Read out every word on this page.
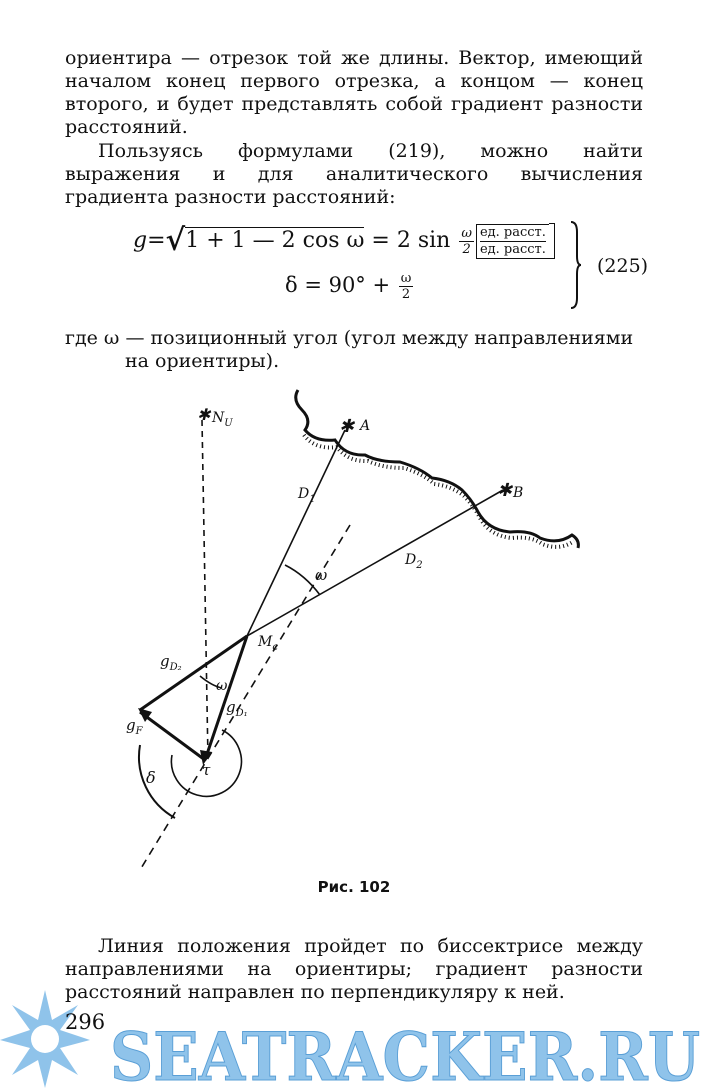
ориентира — отрезок той же длины. Вектор, имеющий началом конец первого отрезка, а концом — конец второго, и будет представлять собой градиент разности расстояний.

Пользуясь формулами (219), можно найти выражения и для аналитического вычисления градиента разности расстояний:

g=√1 + 1 — 2 cos ω = 2 $\sin \frac{\omega}{2}$ ед. расст.
ед. расст.
$\delta = 90^\circ + \frac{\omega}{2}$
(225)

где ω — позиционный угол (угол между направлениями
на ориентиры).

✱ $N_U$	✱ A
✱ B
$D_1$
$D_2$
ω
$M_c$
$g_{D_2}$
ω
$g_{D_1}$
$g_F$
δ	τ
Рис. 102

Линия положения пройдет по биссектрисе между направлениями на ориентиры; градиент разности расстояний направлен по перпендикуляру к ней.

SEATRACKER.RU
296
